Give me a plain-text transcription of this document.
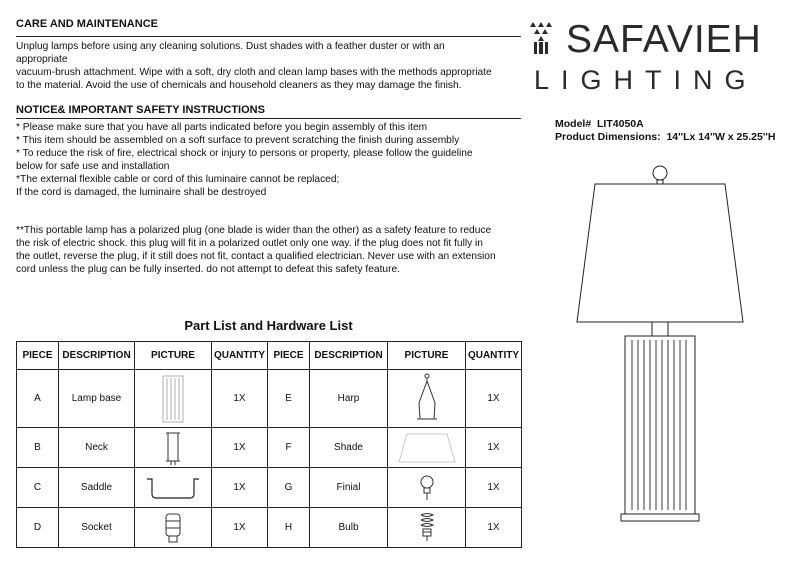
CARE AND MAINTENANCE
Unplug lamps before using any cleaning solutions. Dust shades with a feather duster or with an
appropriate
vacuum-brush attachment. Wipe with a soft, dry cloth and clean lamp bases with the methods appropriate
to the material. Avoid the use of chemicals and household cleaners as they may damage the finish.
NOTICE& IMPORTANT SAFETY INSTRUCTIONS
* Please make sure that you have all parts indicated before you begin assembly of this item
* This item should be assembled on a soft surface to prevent scratching the finish during assembly
* To reduce the risk of fire, electrical shock or injury to persons or property, please follow the guideline
below for safe use and installation
*The external flexible cable or cord of this luminaire cannot be replaced;
If the cord is damaged, the luminaire shall be destroyed
**This portable lamp has a polarized plug (one blade is wider than the other) as a safety feature to reduce
the risk of electric shock. this plug will fit in a polarized outlet only one way. if the plug does not fit fully in
the outlet, reverse the plug, if it still does not fit, contact a qualified electrician. Never use with an extension
cord unless the plug can be fully inserted. do not attempt to defeat this safety feature.
SAFAVIEH
LIGHTING
Model# LIT4050A
Product Dimensions: 14''Lx 14''W x 25.25''H
Part List and Hardware List
PIECE	DESCRIPTION	PICTURE	QUANTITY	PIECE	DESCRIPTION	PICTURE	QUANTITY
A	Lamp base		1X	E	Harp		1X
B	Neck		1X	F	Shade		1X
C	Saddle		1X	G	Finial		1X
D	Socket		1X	H	Bulb		1X
